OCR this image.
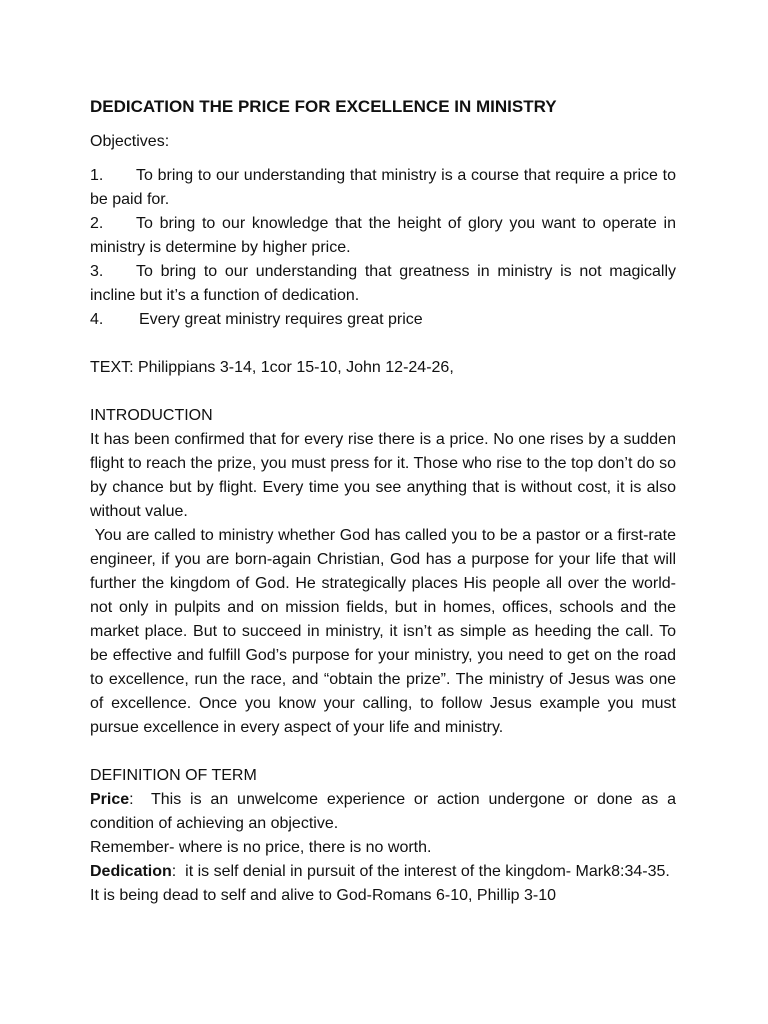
DEDICATION THE PRICE FOR EXCELLENCE IN MINISTRY

Objectives:

1. To bring to our understanding that ministry is a course that require a price to be paid for.

2. To bring to our knowledge that the height of glory you want to operate in ministry is determine by higher price.

3. To bring to our understanding that greatness in ministry is not magically incline but it’s a function of dedication.

4. Every great ministry requires great price

TEXT: Philippians 3-14, 1cor 15-10, John 12-24-26,

INTRODUCTION

It has been confirmed that for every rise there is a price. No one rises by a sudden flight to reach the prize, you must press for it. Those who rise to the top don’t do so by chance but by flight. Every time you see anything that is without cost, it is also without value.

You are called to ministry whether God has called you to be a pastor or a first-rate engineer, if you are born-again Christian, God has a purpose for your life that will further the kingdom of God. He strategically places His people all over the world- not only in pulpits and on mission fields, but in homes, offices, schools and the market place. But to succeed in ministry, it isn’t as simple as heeding the call. To be effective and fulfill God’s purpose for your ministry, you need to get on the road to excellence, run the race, and “obtain the prize”. The ministry of Jesus was one of excellence. Once you know your calling, to follow Jesus example you must pursue excellence in every aspect of your life and ministry.

DEFINITION OF TERM

Price:  This is an unwelcome experience or action undergone or done as a condition of achieving an objective.

Remember- where is no price, there is no worth.

Dedication:  it is self denial in pursuit of the interest of the kingdom- Mark8:34-35.

It is being dead to self and alive to God-Romans 6-10, Phillip 3-10
